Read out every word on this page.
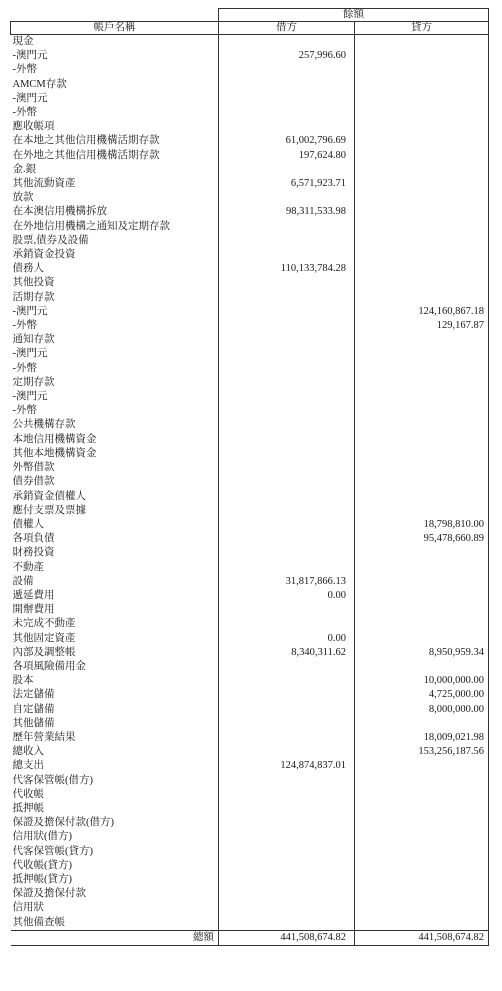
	餘額	
帳戶名稱	借方	貸方
現金		
-澳門元	257,996.60	
-外幣		
AMCM存款		
-澳門元		
-外幣		
應收帳項		
在本地之其他信用機構活期存款	61,002,796.69	
在外地之其他信用機構活期存款	197,624.80	
金.銀		
其他流動資產	6,571,923.71	
放款		
在本澳信用機構拆放	98,311,533.98	
在外地信用機構之通知及定期存款		
股票,債券及設備		
承銷資金投資		
債務人	110,133,784.28	
其他投資		
活期存款		
-澳門元		124,160,867.18
-外幣		129,167.87
通知存款		
-澳門元		
-外幣		
定期存款		
-澳門元		
-外幣		
公共機構存款		
本地信用機構資金		
其他本地機構資金		
外幣借款		
債券借款		
承銷資金債權人		
應付支票及票據		
債權人		18,798,810.00
各項負債		95,478,660.89
財務投資		
不動產		
設備	31,817,866.13	
遞延費用	0.00	
開辦費用		
未完成不動產		
其他固定資產	0.00	
內部及調整帳	8,340,311.62	8,950,959.34
各項風險備用金		
股本		10,000,000.00
法定儲備		4,725,000.00
自定儲備		8,000,000.00
其他儲備		
歷年營業結果		18,009,021.98
總收入		153,256,187.56
總支出	124,874,837.01	
代客保管帳(借方)		
代收帳		
抵押帳		
保證及擔保付款(借方)		
信用狀(借方)		
代客保管帳(貸方)		
代收帳(貸方)		
抵押帳(貸方)		
保證及擔保付款		
信用狀		
其他備查帳		
總額	441,508,674.82	441,508,674.82
